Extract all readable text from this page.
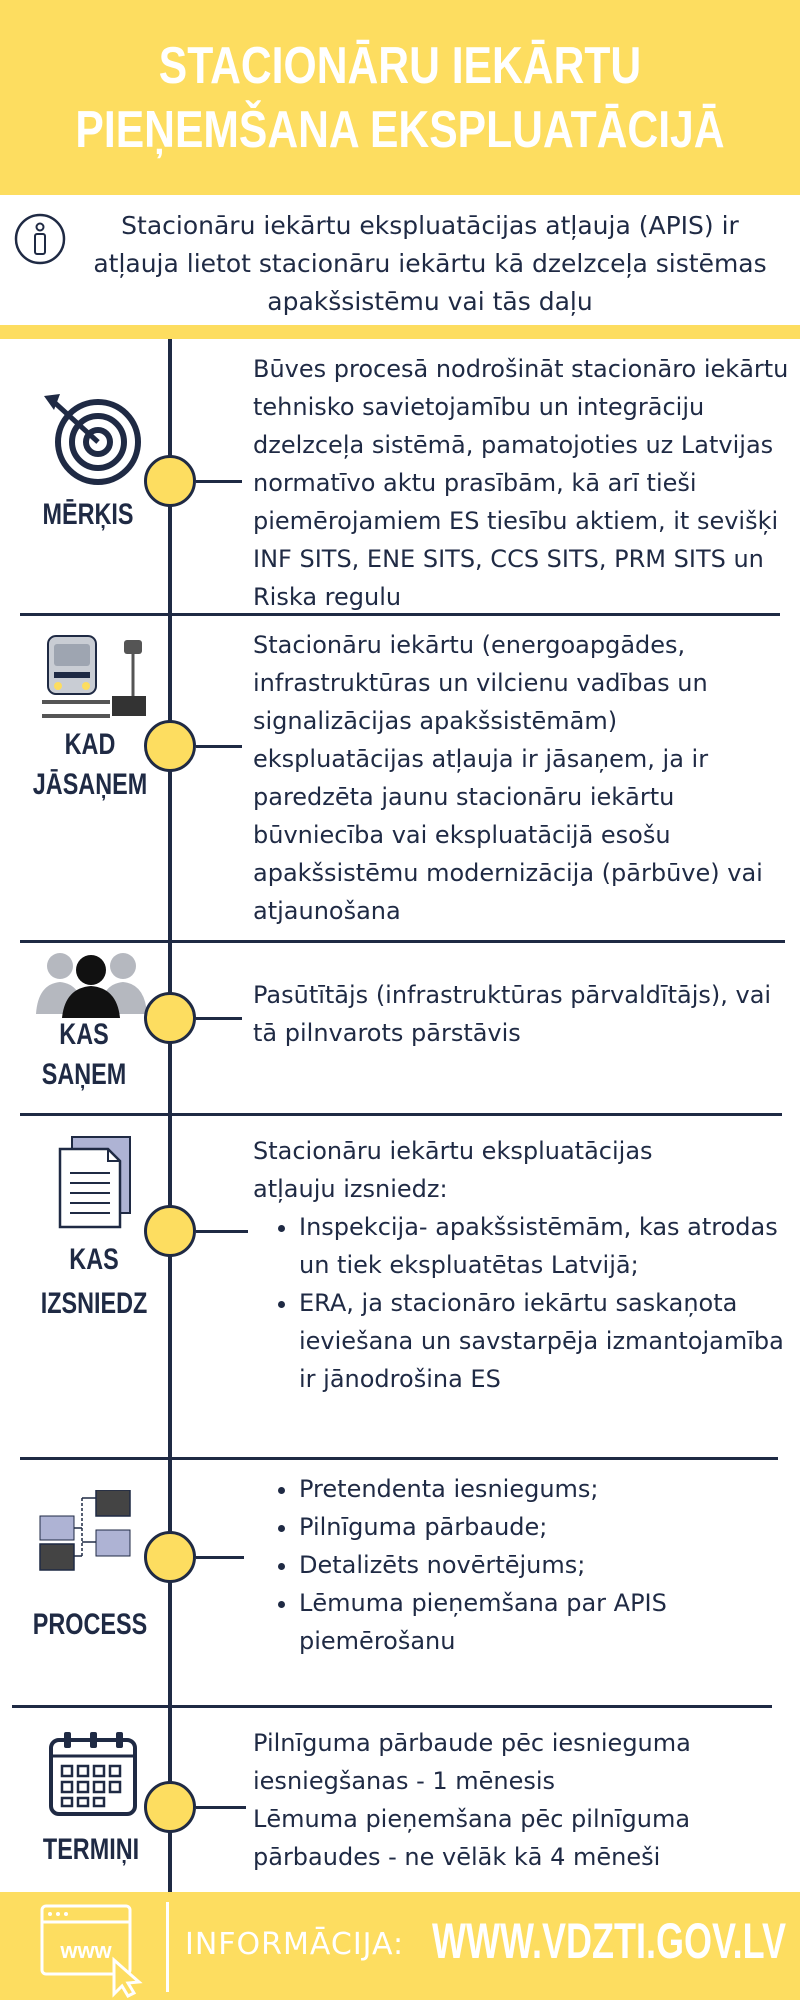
STACIONĀRU IEKĀRTU PIEŅEMŠANA EKSPLUATĀCIJĀ
Stacionāru iekārtu ekspluatācijas atļauja (APIS) ir atļauja lietot stacionāru iekārtu kā dzelzceļa sistēmas apakšsistēmu vai tās daļu
MĒRĶIS
Būves procesā nodrošināt stacionāro iekārtu tehnisko savietojamību un integrāciju dzelzceļa sistēmā, pamatojoties uz Latvijas normatīvo aktu prasībām, kā arī tieši piemērojamiem ES tiesību aktiem, it sevišķi INF SITS, ENE SITS, CCS SITS, PRM SITS un Riska regulu
KAD
JĀSAŅEM
Stacionāru iekārtu (energoapgādes, infrastruktūras un vilcienu vadības un signalizācijas apakšsistēmām) ekspluatācijas atļauja ir jāsaņem, ja ir paredzēta jaunu stacionāru iekārtu būvniecība vai ekspluatācijā esošu apakšsistēmu modernizācija (pārbūve) vai atjaunošana
KAS
SAŅEM
Pasūtītājs (infrastruktūras pārvaldītājs), vai tā pilnvarots pārstāvis
KAS
IZSNIEDZ
Stacionāru iekārtu ekspluatācijas atļauju izsniedz:
• Inspekcija- apakšsistēmām, kas atrodas un tiek ekspluatētas Latvijā;
• ERA, ja stacionāro iekārtu saskaņota ieviešana un savstarpēja izmantojamība ir jānodrošina ES
PROCESS
• Pretendenta iesniegums;
• Pilnīguma pārbaude;
• Detalizēts novērtējums;
• Lēmuma pieņemšana par APIS piemērošanu
TERMIŅI
Pilnīguma pārbaude pēc iesnieguma iesniegšanas - 1 mēnesis
Lēmuma pieņemšana pēc pilnīguma pārbaudes - ne vēlāk kā 4 mēneši
www INFORMĀCIJA: WWW.VDZTI.GOV.LV
